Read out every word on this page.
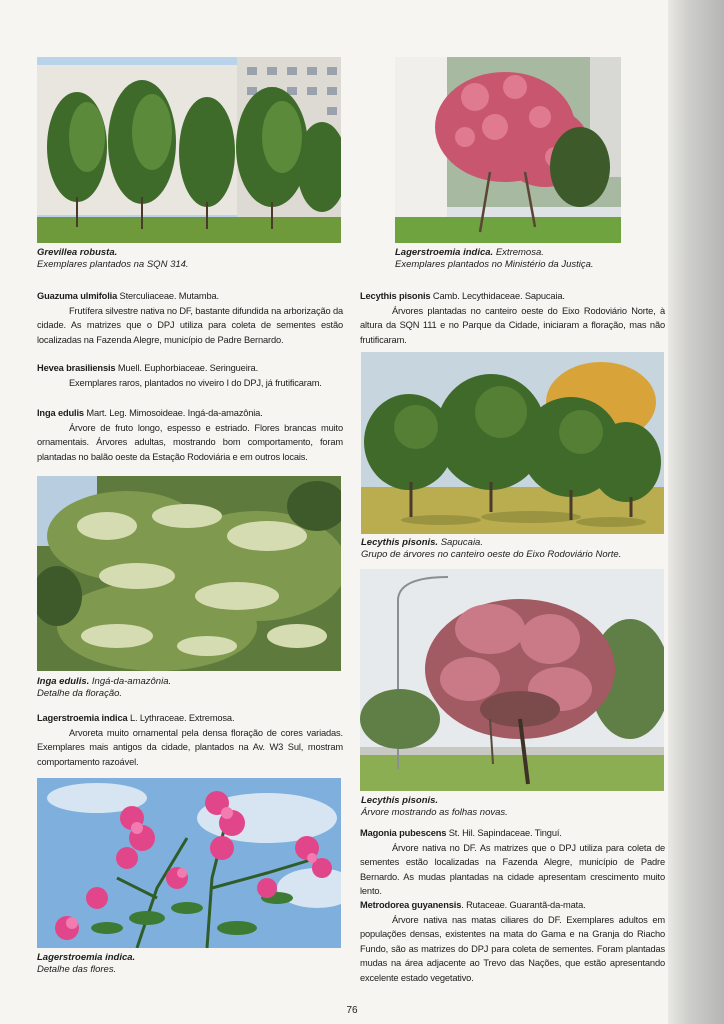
Grevillea robusta.
Exemplares plantados na SQN 314.
Lagerstroemia indica. Extremosa.
Exemplares plantados no Ministério da Justiça.
Guazuma ulmifolia Sterculiaceae. Mutamba.
Frutífera silvestre nativa no DF, bastante difundida na arborização da cidade. As matrizes que o DPJ utiliza para coleta de sementes estão localizadas na Fazenda Alegre, município de Padre Bernardo.
Hevea brasiliensis Muell. Euphorbiaceae. Seringueira.
Exemplares raros, plantados no viveiro I do DPJ, já frutificaram.
Inga edulis Mart. Leg. Mimosoideae. Ingá-da-amazônia.
Árvore de fruto longo, espesso e estriado. Flores brancas muito ornamentais. Árvores adultas, mostrando bom comportamento, foram plantadas no balão oeste da Estação Rodoviária e em outros locais.
Inga edulis. Ingá-da-amazônia.
Detalhe da floração.
Lagerstroemia indica L. Lythraceae. Extremosa.
Arvoreta muito ornamental pela densa floração de cores variadas. Exemplares mais antigos da cidade, plantados na Av. W3 Sul, mostram comportamento razoável.
Lagerstroemia indica.
Detalhe das flores.
Lecythis pisonis Camb. Lecythidaceae. Sapucaia.
Árvores plantadas no canteiro oeste do Eixo Rodoviário Norte, à altura da SQN 111 e no Parque da Cidade, iniciaram a floração, mas não frutificaram.
Lecythis pisonis. Sapucaia.
Grupo de árvores no canteiro oeste do Eixo Rodoviário Norte.
Lecythis pisonis.
Árvore mostrando as folhas novas.
Magonia pubescens St. Hil. Sapindaceae. Tinguí.
Árvore nativa no DF. As matrizes que o DPJ utiliza para coleta de sementes estão localizadas na Fazenda Alegre, município de Padre Bernardo. As mudas plantadas na cidade apresentam crescimento muito lento.
Metrodorea guyanensis. Rutaceae. Guarantã-da-mata.
Árvore nativa nas matas ciliares do DF. Exemplares adultos em populações densas, existentes na mata do Gama e na Granja do Riacho Fundo, são as matrizes do DPJ para coleta de sementes. Foram plantadas mudas na área adjacente ao Trevo das Nações, que estão apresentando excelente estado vegetativo.
76
